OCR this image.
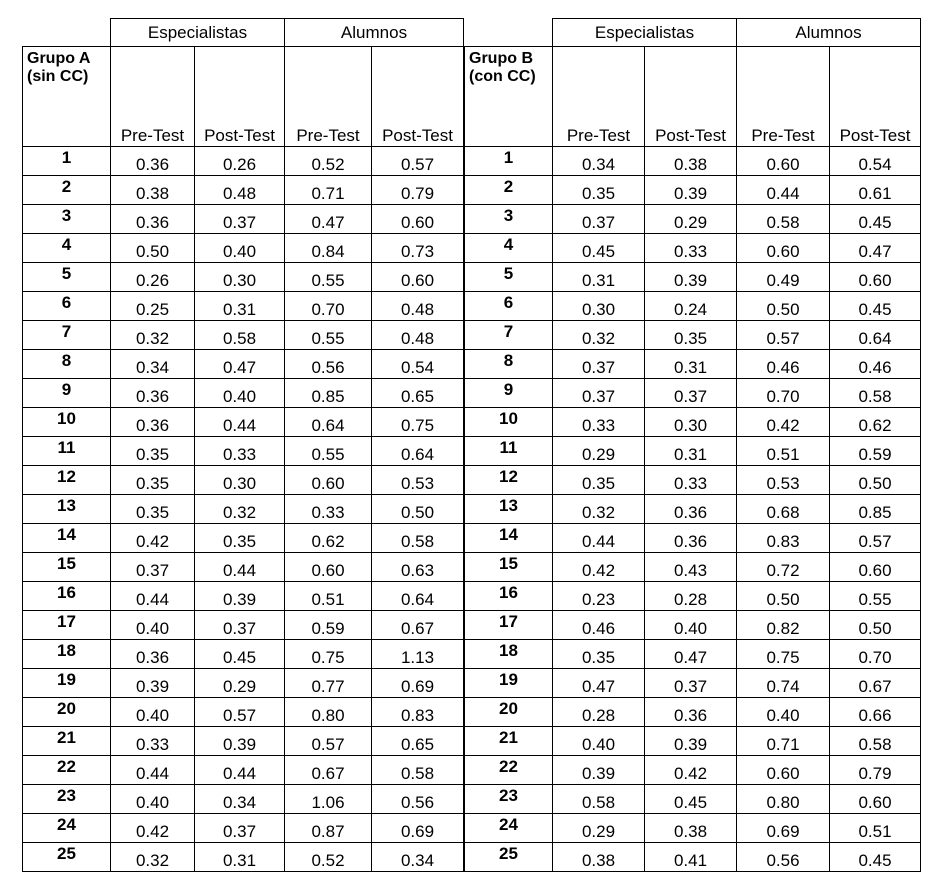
	Especialistas		Alumnos	

Grupo A
(sin CC)	Pre-Test	Post-Test	Pre-Test	Post-Test
1	0.36	0.26	0.52	0.57
2	0.38	0.48	0.71	0.79
3	0.36	0.37	0.47	0.60
4	0.50	0.40	0.84	0.73
5	0.26	0.30	0.55	0.60
6	0.25	0.31	0.70	0.48
7	0.32	0.58	0.55	0.48
8	0.34	0.47	0.56	0.54
9	0.36	0.40	0.85	0.65
10	0.36	0.44	0.64	0.75
11	0.35	0.33	0.55	0.64
12	0.35	0.30	0.60	0.53
13	0.35	0.32	0.33	0.50
14	0.42	0.35	0.62	0.58
15	0.37	0.44	0.60	0.63
16	0.44	0.39	0.51	0.64
17	0.40	0.37	0.59	0.67
18	0.36	0.45	0.75	1.13
19	0.39	0.29	0.77	0.69
20	0.40	0.57	0.80	0.83
21	0.33	0.39	0.57	0.65
22	0.44	0.44	0.67	0.58
23	0.40	0.34	1.06	0.56
24	0.42	0.37	0.87	0.69
25	0.32	0.31	0.52	0.34
	Especialistas		Alumnos	

Grupo B
(con CC)	Pre-Test	Post-Test	Pre-Test	Post-Test
1	0.34	0.38	0.60	0.54
2	0.35	0.39	0.44	0.61
3	0.37	0.29	0.58	0.45
4	0.45	0.33	0.60	0.47
5	0.31	0.39	0.49	0.60
6	0.30	0.24	0.50	0.45
7	0.32	0.35	0.57	0.64
8	0.37	0.31	0.46	0.46
9	0.37	0.37	0.70	0.58
10	0.33	0.30	0.42	0.62
11	0.29	0.31	0.51	0.59
12	0.35	0.33	0.53	0.50
13	0.32	0.36	0.68	0.85
14	0.44	0.36	0.83	0.57
15	0.42	0.43	0.72	0.60
16	0.23	0.28	0.50	0.55
17	0.46	0.40	0.82	0.50
18	0.35	0.47	0.75	0.70
19	0.47	0.37	0.74	0.67
20	0.28	0.36	0.40	0.66
21	0.40	0.39	0.71	0.58
22	0.39	0.42	0.60	0.79
23	0.58	0.45	0.80	0.60
24	0.29	0.38	0.69	0.51
25	0.38	0.41	0.56	0.45
